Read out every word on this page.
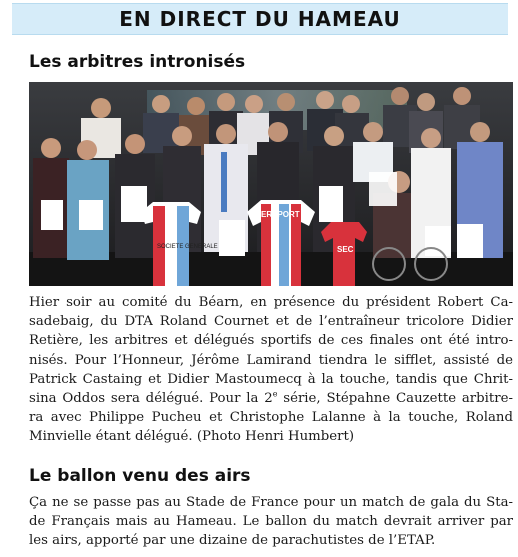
EN DIRECT DU HAMEAU
Les arbitres intronisés
SOCIETE GENERALE
ERSPORT
SEC
Hier soir au comité du Béarn, en présence du président Robert Ca-
sadebaig, du DTA Roland Cournet et de l’entraîneur tricolore Didier
Retière, les arbitres et délégués sportifs de ces finales ont été intro-
nisés. Pour l’Honneur, Jérôme Lamirand tiendra le sifflet, assisté de
Patrick Castaing et Didier Mastoumecq à la touche, tandis que Chrit-
sina Oddos sera délégué. Pour la 2e série, Stépahne Cauzette arbitre-
ra avec Philippe Pucheu et Christophe Lalanne à la touche, Roland
Minvielle étant délégué. (Photo Henri Humbert)
Le ballon venu des airs
Ça ne se passe pas au Stade de France pour un match de gala du Sta-
de Français mais au Hameau. Le ballon du match devrait arriver par
les airs, apporté par une dizaine de parachutistes de l’ETAP.
